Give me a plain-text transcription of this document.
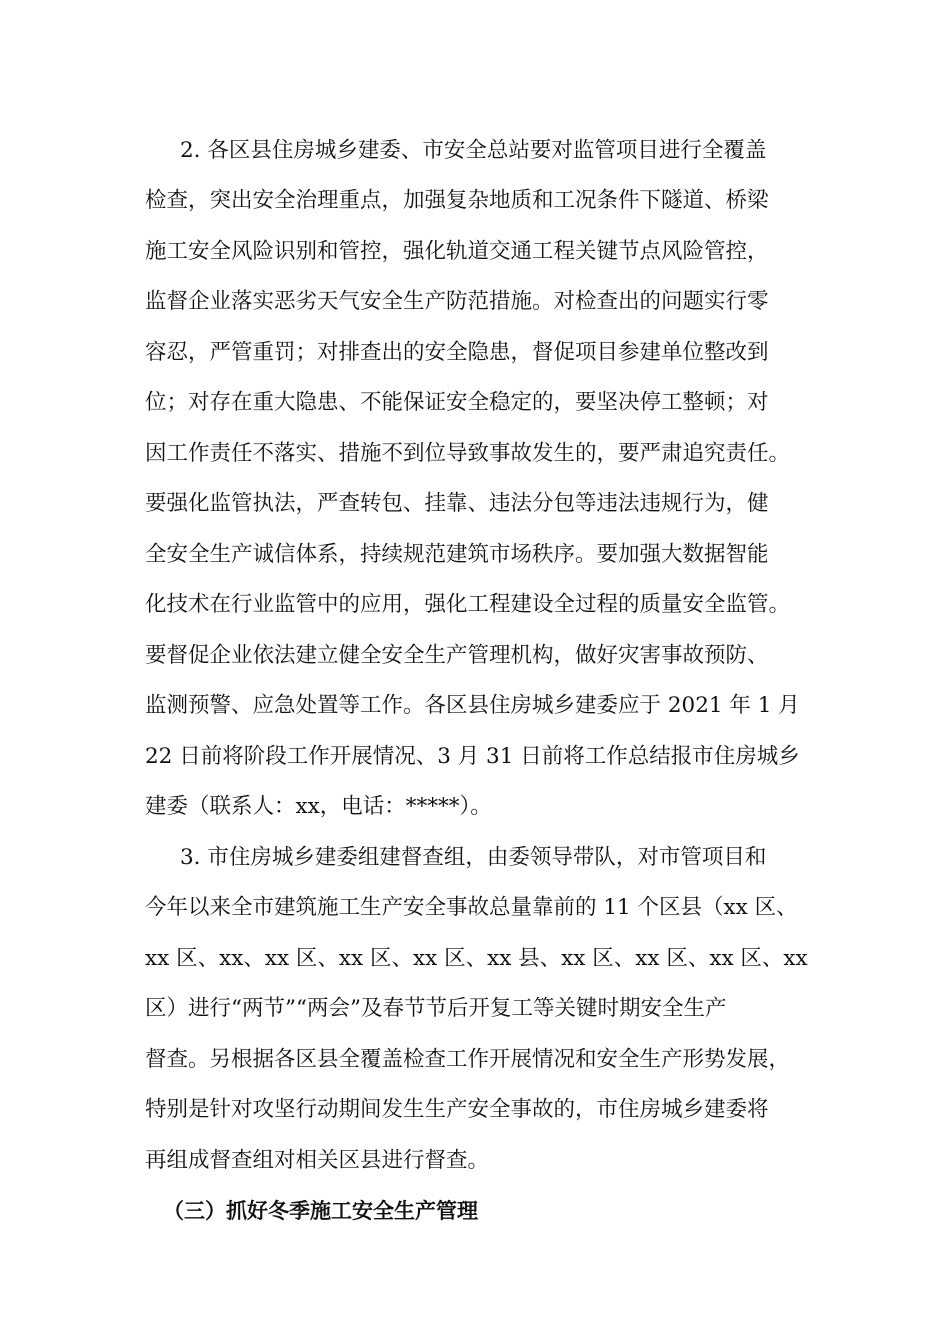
2. 各区县住房城乡建委、市安全总站要对监管项目进行全覆盖
检查，突出安全治理重点，加强复杂地质和工况条件下隧道、桥梁
施工安全风险识别和管控，强化轨道交通工程关键节点风险管控，
监督企业落实恶劣天气安全生产防范措施。对检查出的问题实行零
容忍，严管重罚；对排查出的安全隐患，督促项目参建单位整改到
位；对存在重大隐患、不能保证安全稳定的，要坚决停工整顿；对
因工作责任不落实、措施不到位导致事故发生的，要严肃追究责任。
要强化监管执法，严查转包、挂靠、违法分包等违法违规行为，健
全安全生产诚信体系，持续规范建筑市场秩序。要加强大数据智能
化技术在行业监管中的应用，强化工程建设全过程的质量安全监管。
要督促企业依法建立健全安全生产管理机构，做好灾害事故预防、
监测预警、应急处置等工作。各区县住房城乡建委应于 2021 年 1 月
22 日前将阶段工作开展情况、3 月 31 日前将工作总结报市住房城乡
建委（联系人：xx，电话：*****）。
3. 市住房城乡建委组建督查组，由委领导带队，对市管项目和
今年以来全市建筑施工生产安全事故总量靠前的 11 个区县（xx 区、
xx 区、xx、xx 区、xx 区、xx 区、xx 县、xx 区、xx 区、xx 区、xx
区）进行“两节”“两会”及春节节后开复工等关键时期安全生产
督查。另根据各区县全覆盖检查工作开展情况和安全生产形势发展，
特别是针对攻坚行动期间发生生产安全事故的，市住房城乡建委将
再组成督查组对相关区县进行督查。
（三）抓好冬季施工安全生产管理
